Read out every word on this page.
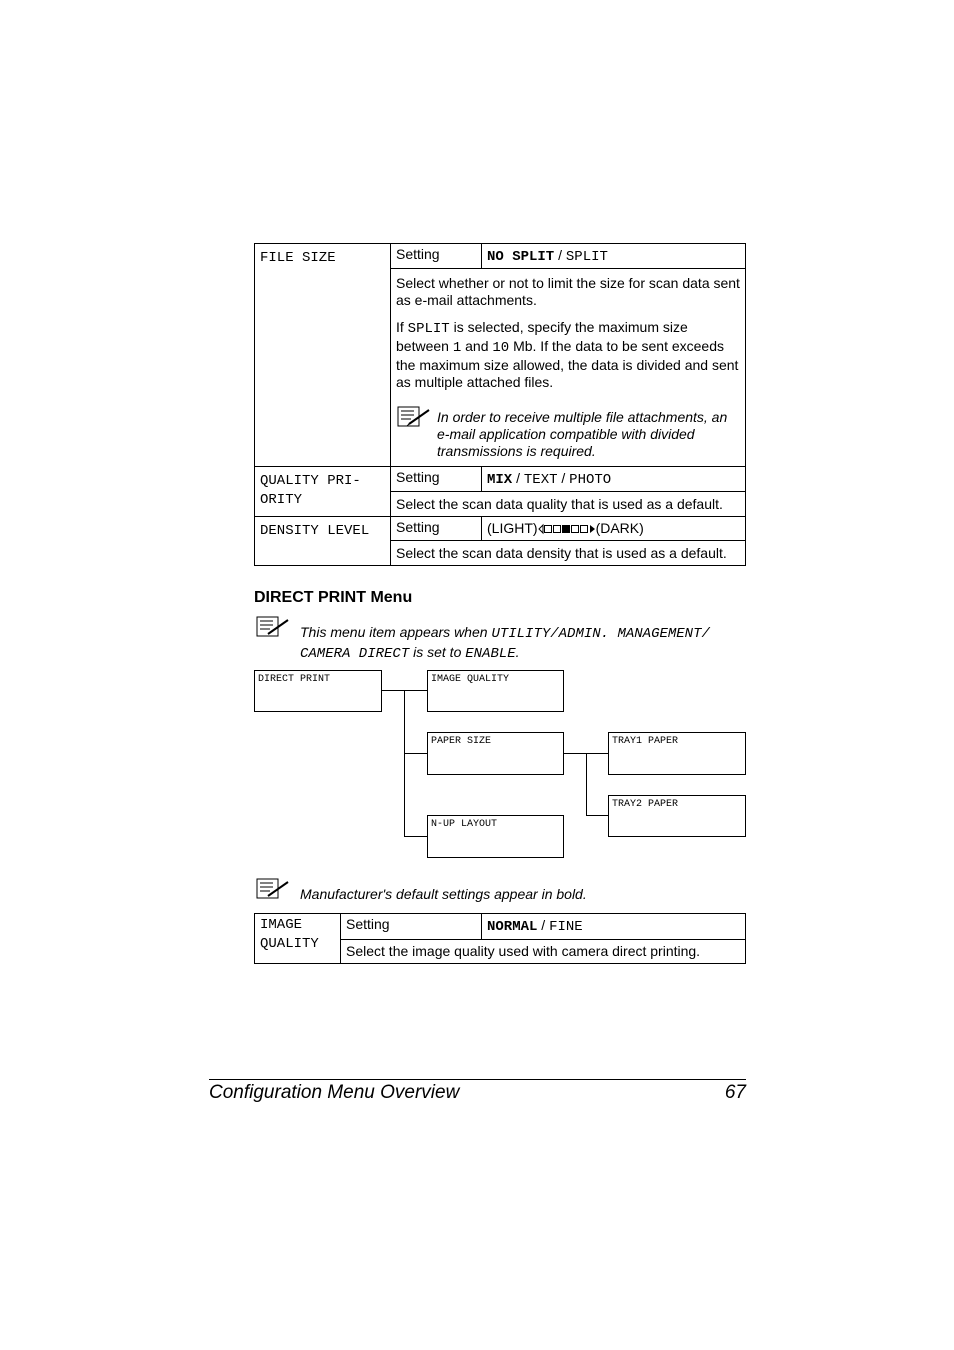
FILE SIZE	Setting	NO SPLIT / SPLIT

	Select whether or not to limit the size for scan data sent as e-mail attachments.

If SPLIT is selected, specify the maximum size between 1 and 10 Mb. If the data to be sent exceeds the maximum size allowed, the data is divided and sent as multiple attached files.

In order to receive multiple file attachments, an e-mail application compatible with divided transmissions is required.	

QUALITY PRI-
ORITY	Setting	MIX / TEXT / PHOTO
	Select the scan data quality that is used as a default.	
DENSITY LEVEL	Setting	(LIGHT) (DARK)
	Select the scan data density that is used as a default.	
DIRECT PRINT Menu
This menu item appears when UTILITY/ADMIN. MANAGEMENT/
CAMERA DIRECT is set to ENABLE.
DIRECT PRINT	IMAGE QUALITY
PAPER SIZE
N-UP LAYOUT
TRAY1 PAPER
TRAY2 PAPER
Manufacturer's default settings appear in bold.
IMAGE
QUALITY	Setting	NORMAL / FINE
Select the image quality used with camera direct printing.
Configuration Menu Overview	67
